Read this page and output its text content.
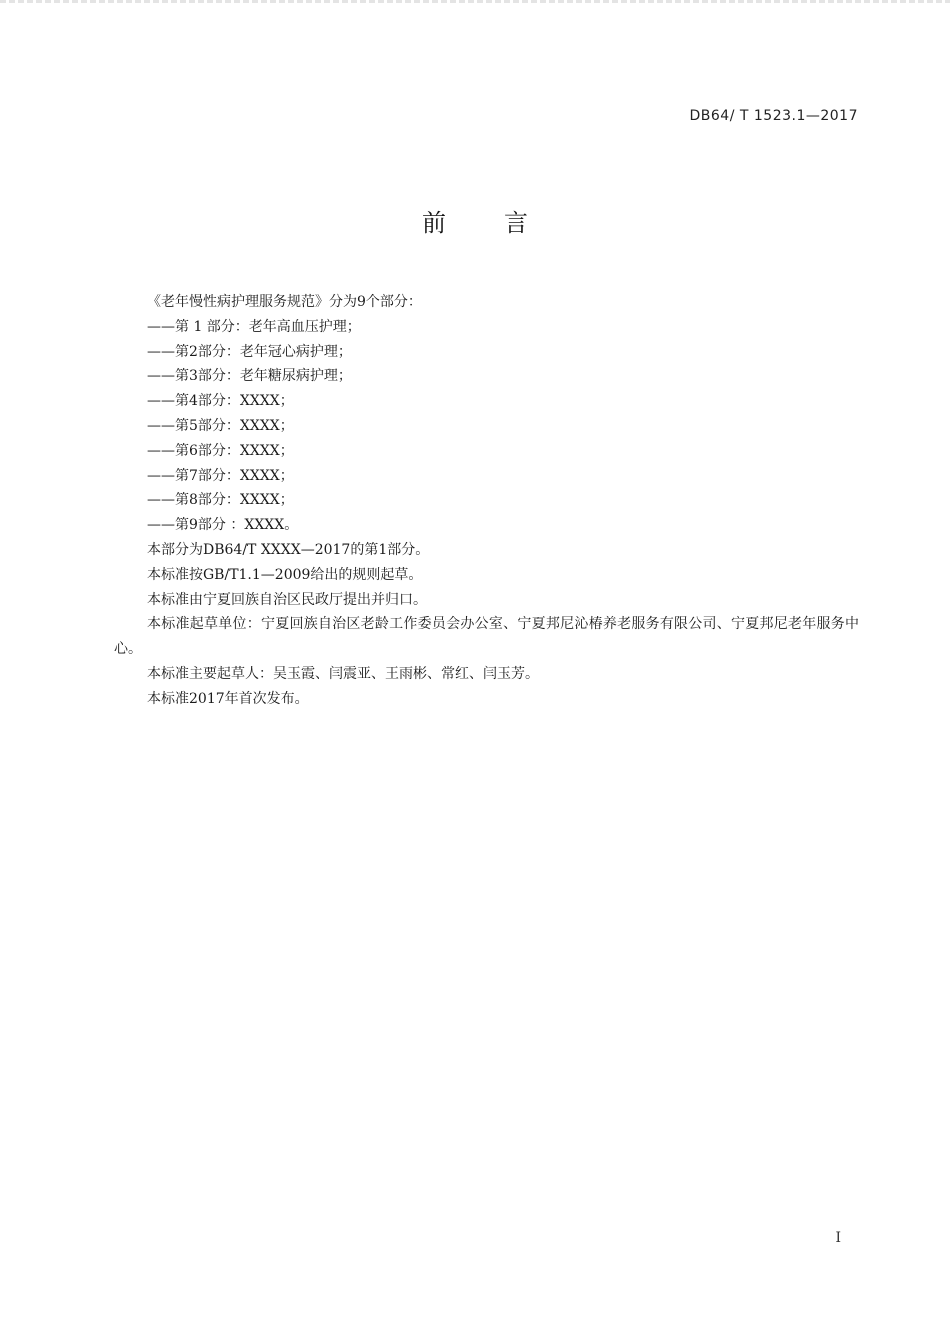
DB64/ T 1523.1—2017
前言

《老年慢性病护理服务规范》分为9个部分：

——第 1 部分：老年高血压护理；

——第2部分：老年冠心病护理；

——第3部分：老年糖尿病护理；

——第4部分：XXXX；

——第5部分：XXXX；

——第6部分：XXXX；

——第7部分：XXXX；

——第8部分：XXXX；

——第9部分 ：XXXX。

本部分为DB64/T XXXX—2017的第1部分。

本标准按GB/T1.1—2009给出的规则起草。

本标准由宁夏回族自治区民政厅提出并归口。

本标准起草单位：宁夏回族自治区老龄工作委员会办公室、宁夏邦尼沁椿养老服务有限公司、宁夏邦尼老年服务中心。

本标准主要起草人：吴玉霞、闫震亚、王雨彬、常红、闫玉芳。

本标准2017年首次发布。

I
